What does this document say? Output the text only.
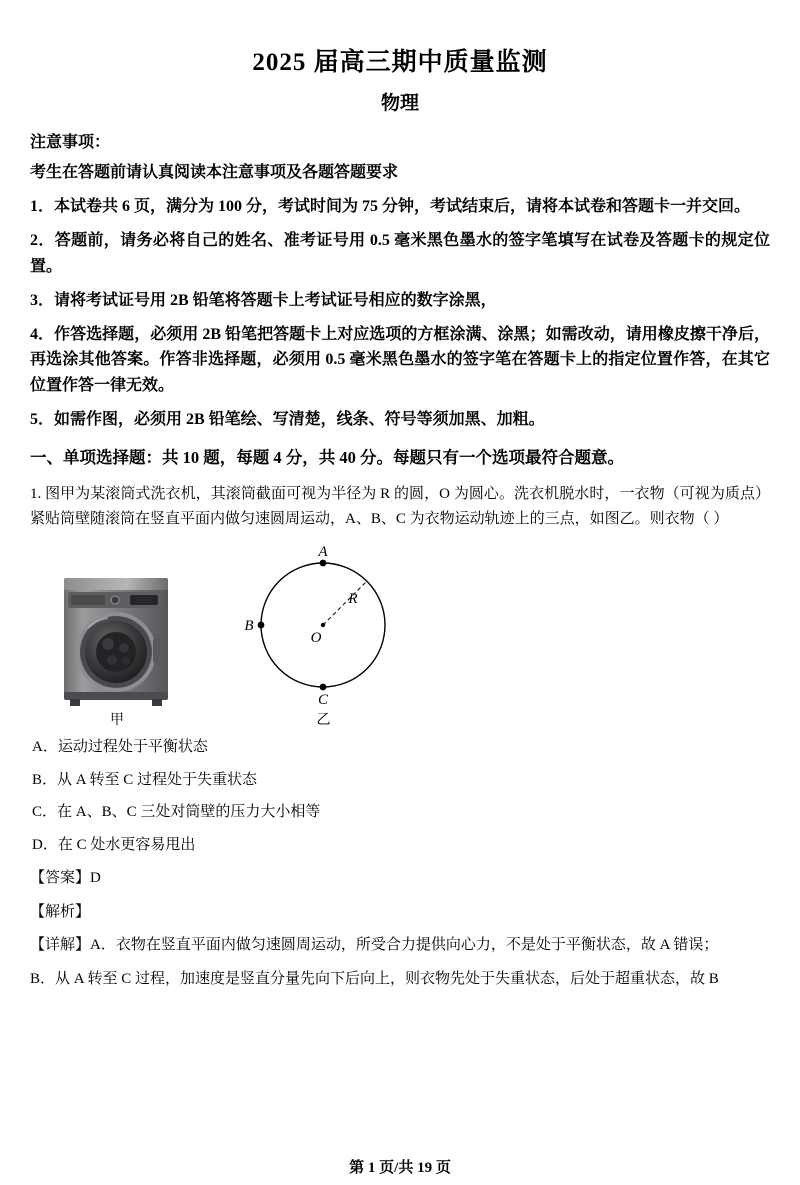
2025 届高三期中质量监测
物理
注意事项：
考生在答题前请认真阅读本注意事项及各题答题要求
1．本试卷共 6 页，满分为 100 分，考试时间为 75 分钟，考试结束后，请将本试卷和答题卡一并交回。
2．答题前，请务必将自己的姓名、准考证号用 0.5 毫米黑色墨水的签字笔填写在试卷及答题卡的规定位置。
3．请将考试证号用 2B 铅笔将答题卡上考试证号相应的数字涂黑，
4．作答选择题，必须用 2B 铅笔把答题卡上对应选项的方框涂满、涂黑；如需改动，请用橡皮擦干净后，再选涂其他答案。作答非选择题，必须用 0.5 毫米黑色墨水的签字笔在答题卡上的指定位置作答，在其它位置作答一律无效。
5．如需作图，必须用 2B 铅笔绘、写清楚，线条、符号等须加黑、加粗。
一、单项选择题：共 10 题，每题 4 分，共 40 分。每题只有一个选项最符合题意。
1. 图甲为某滚筒式洗衣机，其滚筒截面可视为半径为 R 的圆，O 为圆心。洗衣机脱水时，一衣物（可视为质点）紧贴筒壁随滚筒在竖直平面内做匀速圆周运动，A、B、C 为衣物运动轨迹上的三点，如图乙。则衣物（ ）
甲
A
B
C
O
R
乙
A．运动过程处于平衡状态
B．从 A 转至 C 过程处于失重状态
C．在 A、B、C 三处对筒壁的压力大小相等
D．在 C 处水更容易甩出
【答案】D
【解析】
【详解】A．衣物在竖直平面内做匀速圆周运动，所受合力提供向心力，不是处于平衡状态，故 A 错误；
B．从 A 转至 C 过程，加速度是竖直分量先向下后向上，则衣物先处于失重状态，后处于超重状态，故 B
第 1 页/共 19 页
